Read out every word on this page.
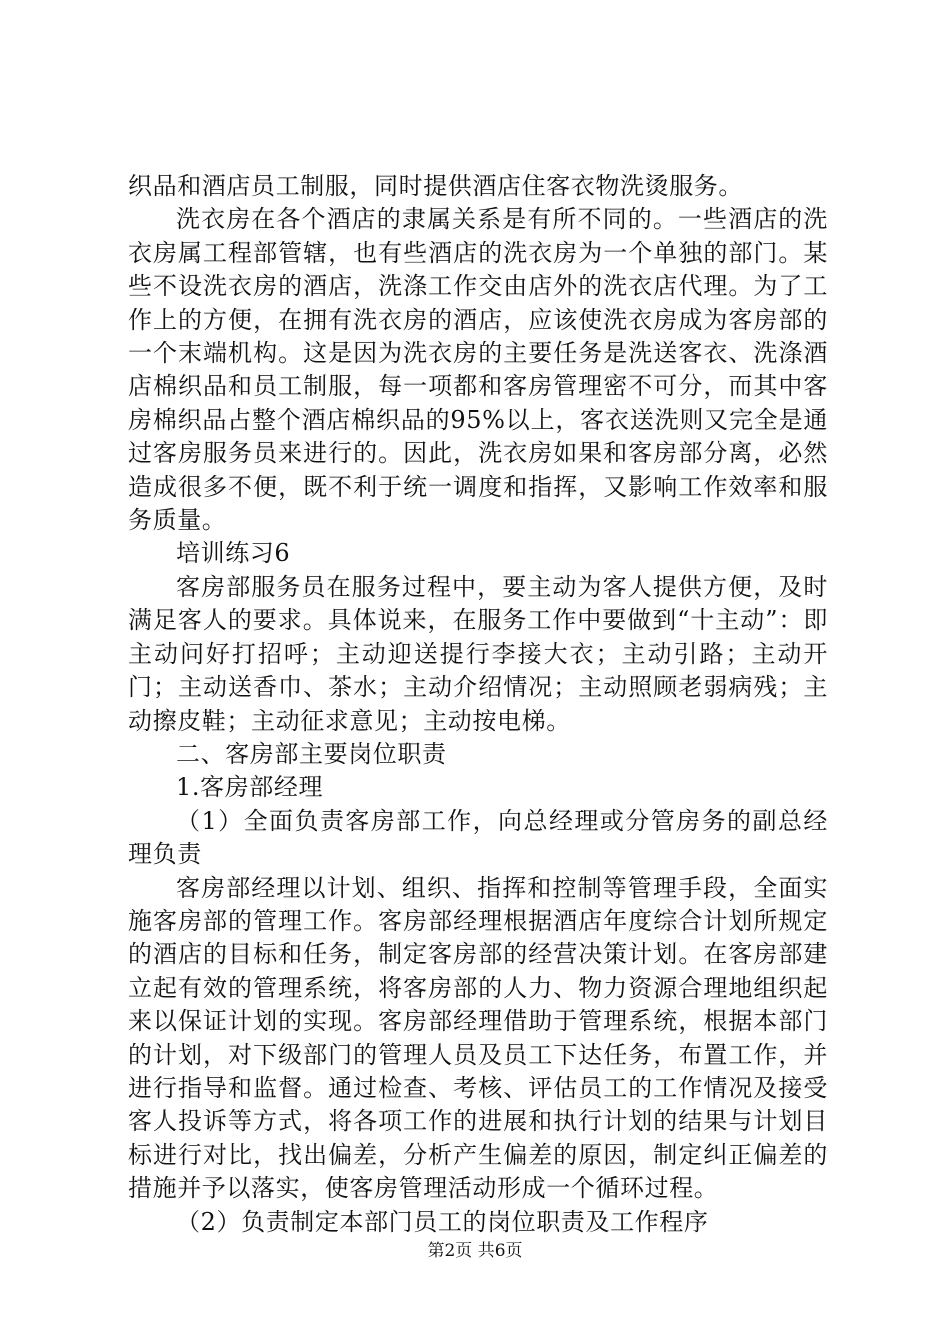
织品和酒店员工制服，同时提供酒店住客衣物洗烫服务。

洗衣房在各个酒店的隶属关系是有所不同的。一些酒店的洗衣房属工程部管辖，也有些酒店的洗衣房为一个单独的部门。某些不设洗衣房的酒店，洗涤工作交由店外的洗衣店代理。为了工作上的方便，在拥有洗衣房的酒店，应该使洗衣房成为客房部的一个末端机构。这是因为洗衣房的主要任务是洗送客衣、洗涤酒店棉织品和员工制服，每一项都和客房管理密不可分，而其中客房棉织品占整个酒店棉织品的95%以上，客衣送洗则又完全是通过客房服务员来进行的。因此，洗衣房如果和客房部分离，必然造成很多不便，既不利于统一调度和指挥，又影响工作效率和服务质量。

培训练习6

客房部服务员在服务过程中，要主动为客人提供方便，及时满足客人的要求。具体说来，在服务工作中要做到“十主动”：即主动问好打招呼；主动迎送提行李接大衣；主动引路；主动开门；主动送香巾、茶水；主动介绍情况；主动照顾老弱病残；主动擦皮鞋；主动征求意见；主动按电梯。

二、客房部主要岗位职责

1.客房部经理

（1）全面负责客房部工作，向总经理或分管房务的副总经理负责

客房部经理以计划、组织、指挥和控制等管理手段，全面实施客房部的管理工作。客房部经理根据酒店年度综合计划所规定的酒店的目标和任务，制定客房部的经营决策计划。在客房部建立起有效的管理系统，将客房部的人力、物力资源合理地组织起来以保证计划的实现。客房部经理借助于管理系统，根据本部门的计划，对下级部门的管理人员及员工下达任务，布置工作，并进行指导和监督。通过检查、考核、评估员工的工作情况及接受客人投诉等方式，将各项工作的进展和执行计划的结果与计划目标进行对比，找出偏差，分析产生偏差的原因，制定纠正偏差的措施并予以落实，使客房管理活动形成一个循环过程。

（2）负责制定本部门员工的岗位职责及工作程序

第2页 共6页
